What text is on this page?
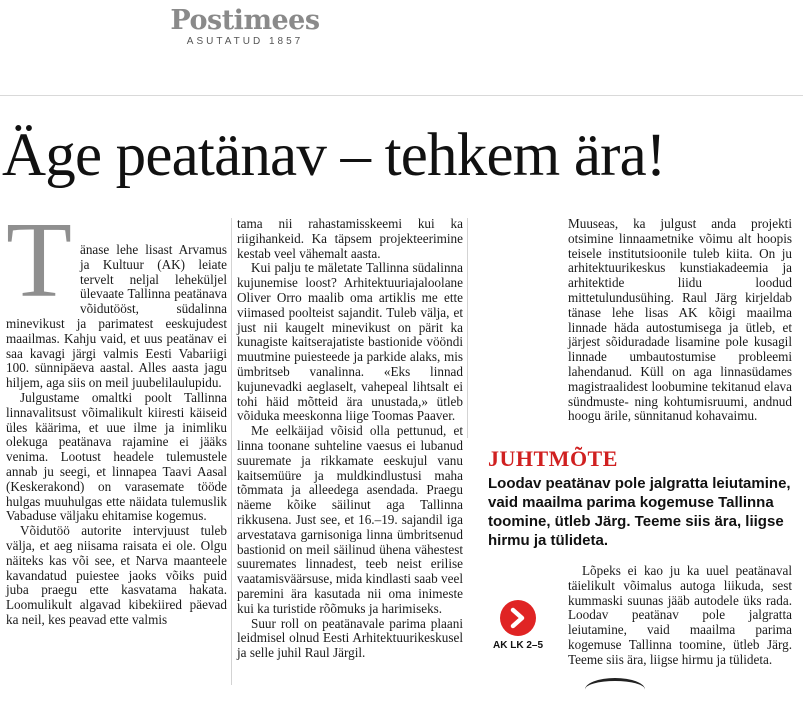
Postimees
ASUTATUD 1857
Äge peatänav – tehkem ära!
T änase lehe lisast Arvamus ja Kultuur (AK) leiate tervelt neljal leheküljel ülevaate Tallinna peatänava võidutööst, südalinna minevikust ja parimatest eeskujudest maailmas. Kahju vaid, et uus peatänav ei saa kavagi järgi valmis Eesti Vabariigi 100. sünnipäeva aastal. Alles aasta jagu hiljem, aga siis on meil juubelilaulupidu.

Julgustame omaltki poolt Tallinna linnavalitsust võimalikult kiiresti käiseid üles käärima, et uue ilme ja inimliku olekuga peatänava rajamine ei jääks venima. Lootust headele tulemustele annab ju seegi, et linnapea Taavi Aasal (Keskerakond) on varasemate tööde hulgas muuhulgas ette näidata tulemuslik Vabaduse väljaku ehitamise kogemus.

Võidutöö autorite intervjuust tuleb välja, et aeg niisama raisata ei ole. Olgu näiteks kas või see, et Narva maanteele kavandatud puiestee jaoks võiks puid juba praegu ette kasvatama hakata. Loomulikult algavad kibekiired päevad ka neil, kes peavad ette valmis

tama nii rahastamisskeemi kui ka riigihankeid. Ka täpsem projekteerimine kestab veel vähemalt aasta.

Kui palju te mäletate Tallinna südalinna kujunemise loost? Arhitektuuriajaloolane Oliver Orro maalib oma artiklis me ette viimased poolteist sajandit. Tuleb välja, et just nii kaugelt minevikust on pärit ka kunagiste kaitserajatiste bastionide vööndi muutmine puiesteede ja parkide alaks, mis ümbritseb vanalinna. «Eks linnad kujunevadki aeglaselt, vahepeal lihtsalt ei tohi häid mõtteid ära unustada,» ütleb võiduka meeskonna liige Toomas Paaver.

Me eelkäijad võisid olla pettunud, et linna toonane suhteline vaesus ei lubanud suuremate ja rikkamate eeskujul vanu kaitsemüüre ja muldkindlustusi maha tõmmata ja alleedega asendada. Praegu näeme kõike säilinut aga Tallinna rikkusena. Just see, et 16.–19. sajandil iga arvestatava garnisoniga linna ümbritsenud bastionid on meil säilinud ühena vähestest suuremates linnadest, teeb neist erilise vaatamisväärsuse, mida kindlasti saab veel paremini ära kasutada nii oma inimeste kui ka turistide rõõmuks ja harimiseks.

Suur roll on peatänavale parima plaani leidmisel olnud Eesti Arhitektuurikeskusel ja selle juhil Raul Järgil.

Muuseas, ka julgust anda projekti otsimine linnaametnike võimu alt hoopis teisele institutsioonile tuleb kiita. On ju arhitektuurikeskus kunstiakadeemia ja arhitektide liidu loodud mittetulundusühing. Raul Järg kirjeldab tänase lehe lisas AK kõigi maailma linnade häda autostumisega ja ütleb, et järjest sõiduradade lisamine pole kusagil linnade umbautostumise probleemi lahendanud. Küll on aga linnasüdames magistraalidest loobumine tekitanud elava sündmuste- ning kohtumisruumi, andnud hoogu ärile, sünnitanud kohavaimu.

JUHTMÕTE
Loodav peatänav pole jalgratta leiutamine, vaid maailma parima kogemuse Tallinna toomine, ütleb Järg. Teeme siis ära, liigse hirmu ja tülideta.

Lõpeks ei kao ju ka uuel peatänaval täielikult võimalus autoga liikuda, sest kummaski suunas jääb autodele üks rada. Loodav peatänav pole jalgratta leiutamine, vaid maailma parima kogemuse Tallinna toomine, ütleb Järg. Teeme siis ära, liigse hirmu ja tülideta.

AK LK 2–5
